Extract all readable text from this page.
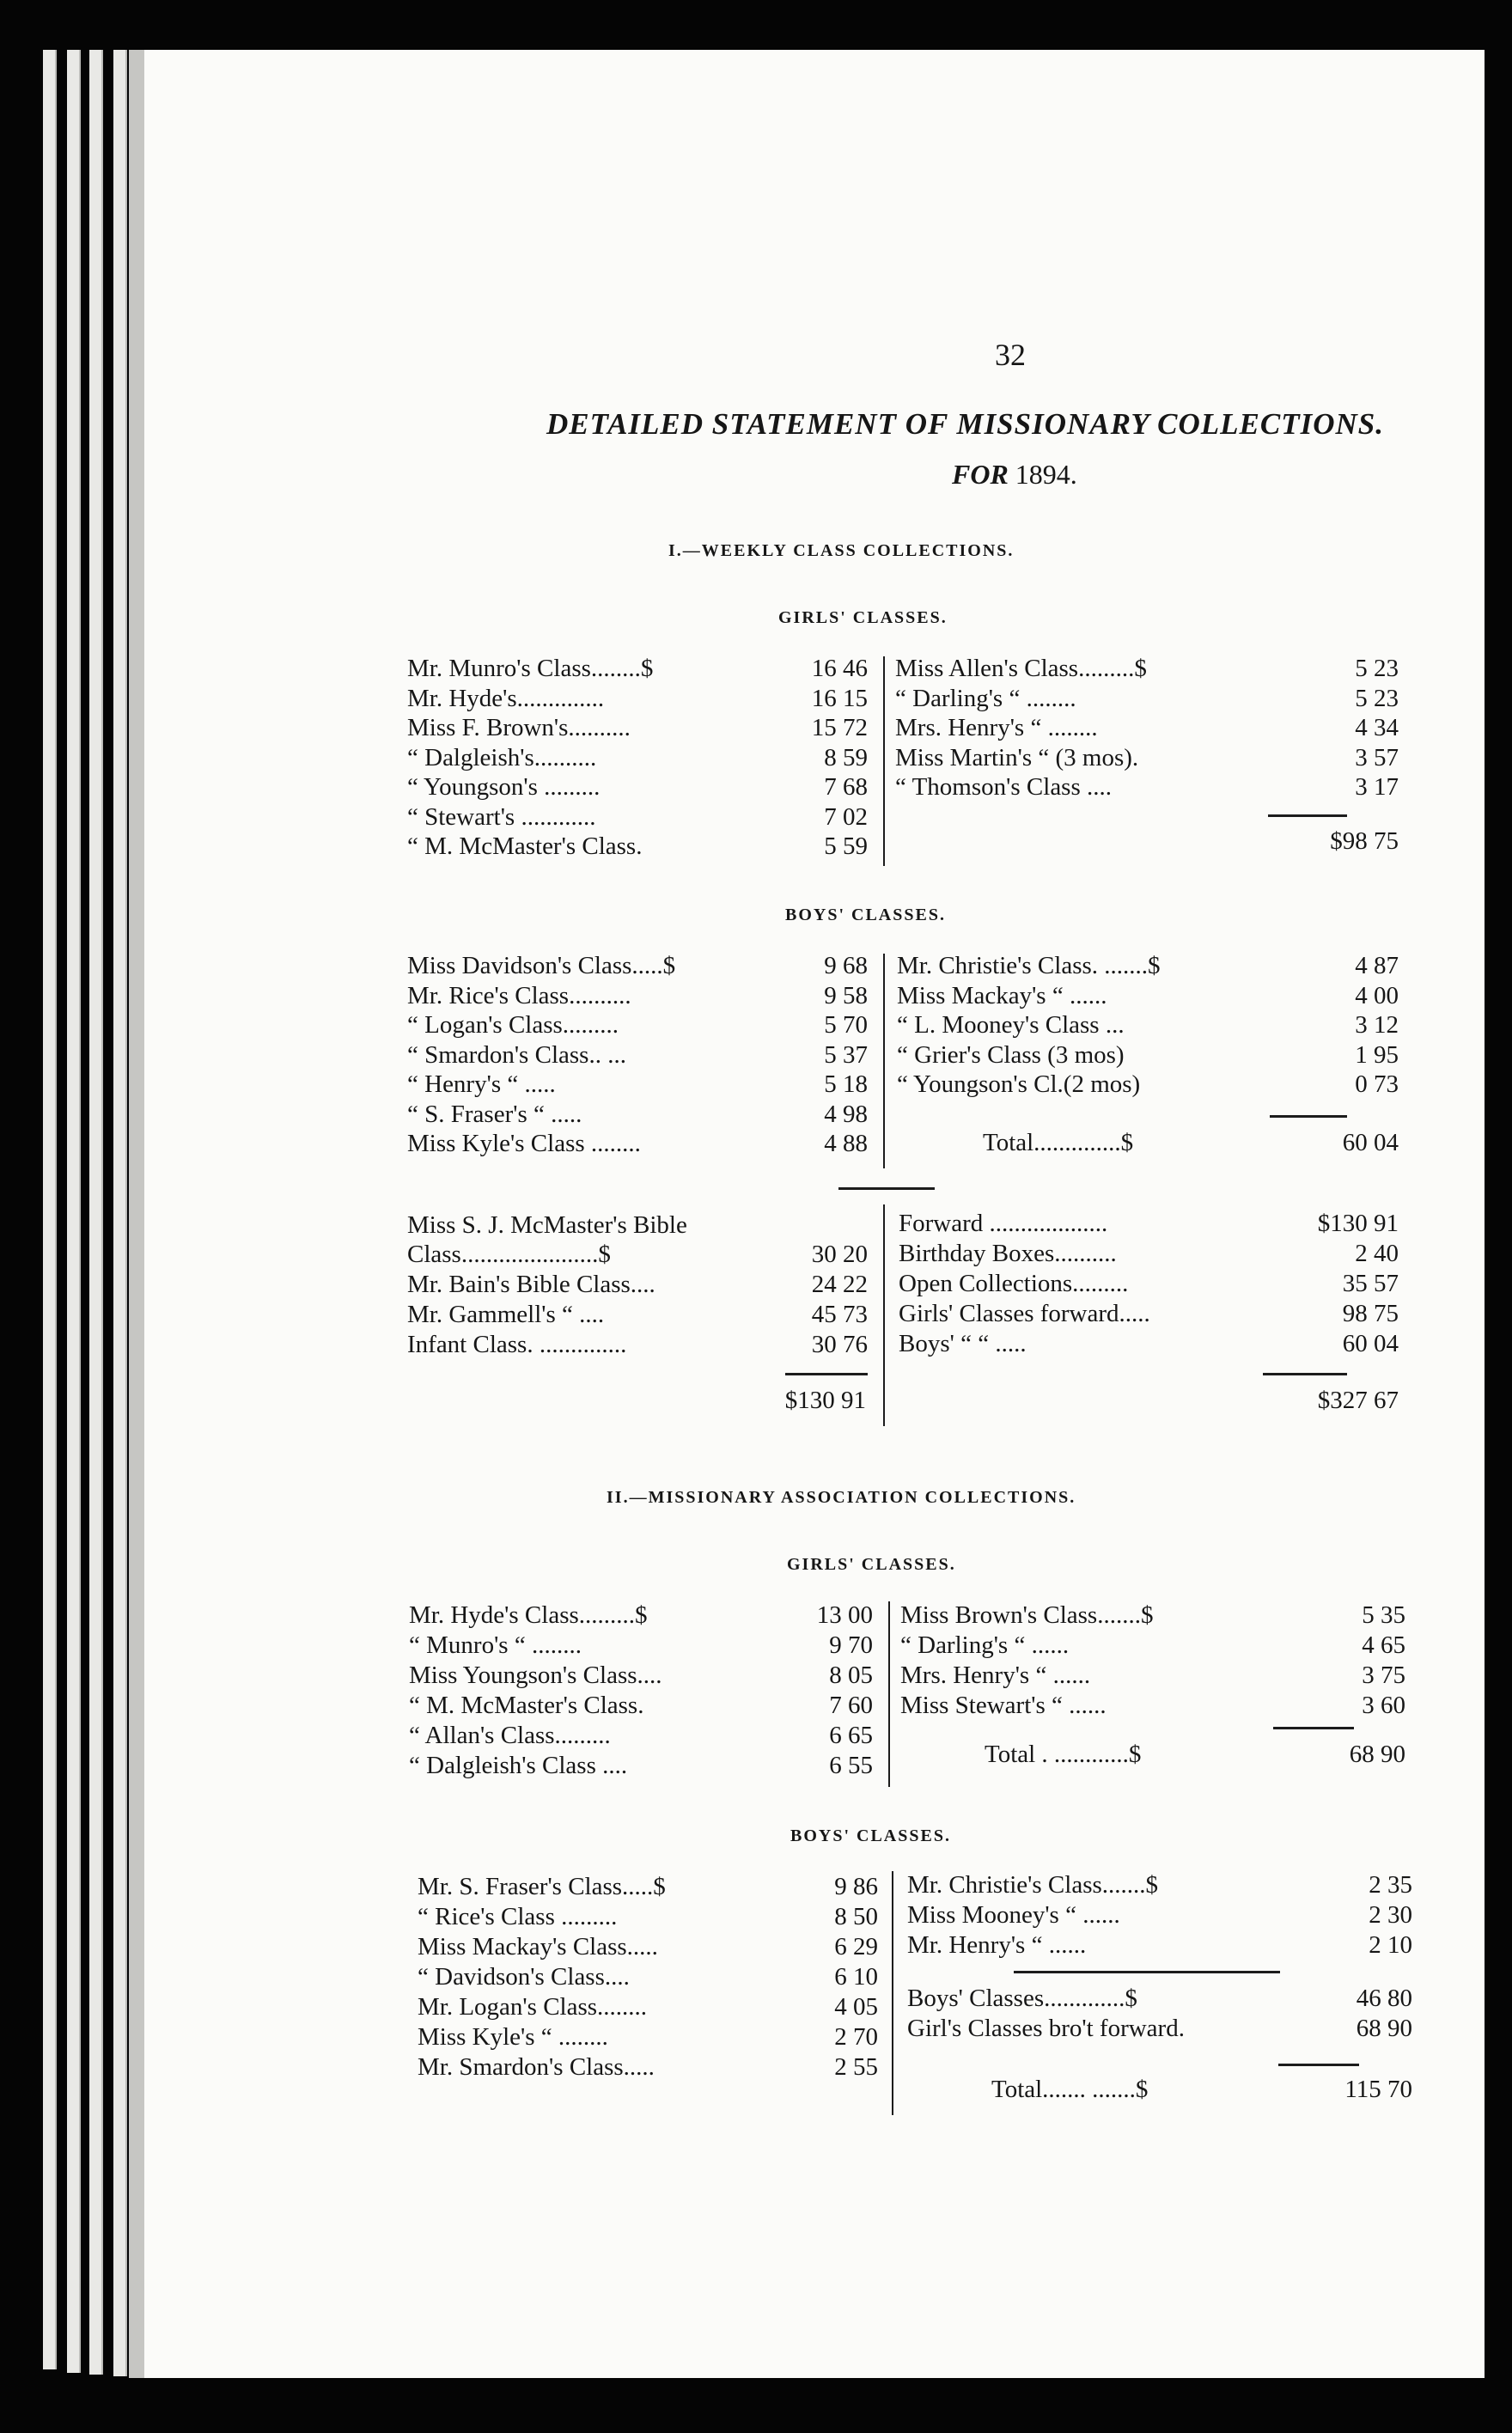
32
DETAILED STATEMENT OF MISSIONARY COLLECTIONS.
FOR 1894.
I.—WEEKLY CLASS COLLECTIONS.
GIRLS' CLASSES.
Mr. Munro's Class........$	16 46
Mr. Hyde's..............	16 15
Miss F. Brown's..........	15 72
“ Dalgleish's..........	8 59
“ Youngson's .........	7 68
“ Stewart's ............	7 02
“ M. McMaster's Class.	5 59
Miss Allen's Class.........$	5 23
“ Darling's “ ........	5 23
Mrs. Henry's “ ........	4 34
Miss Martin's “ (3 mos).	3 57
“ Thomson's Class ....	3 17
$98 75
BOYS' CLASSES.
Miss Davidson's Class.....$	9 68
Mr. Rice's Class..........	9 58
“ Logan's Class.........	5 70
“ Smardon's Class.. ...	5 37
“ Henry's “ .....	5 18
“ S. Fraser's “ .....	4 98
Miss Kyle's Class ........	4 88
Mr. Christie's Class. .......$	4 87
Miss Mackay's “ ......	4 00
“ L. Mooney's Class ...	3 12
“ Grier's Class (3 mos)	1 95
“ Youngson's Cl.(2 mos)	0 73
Total..............$	60 04
Miss S. J. McMaster's Bible
Class......................$	30 20
Mr. Bain's Bible Class....	24 22
Mr. Gammell's “ ....	45 73
Infant Class. ..............	30 76
Forward ...................	$130 91
Birthday Boxes..........	2 40
Open Collections.........	35 57
Girls' Classes forward.....	98 75
Boys' “ “ .....	60 04
$130 91	$327 67
II.—MISSIONARY ASSOCIATION COLLECTIONS.
GIRLS' CLASSES.
Mr. Hyde's Class.........$	13 00
“ Munro's “ ........	9 70
Miss Youngson's Class....	8 05
“ M. McMaster's Class.	7 60
“ Allan's Class.........	6 65
“ Dalgleish's Class ....	6 55
Miss Brown's Class.......$	5 35
“ Darling's “ ......	4 65
Mrs. Henry's “ ......	3 75
Miss Stewart's “ ......	3 60
Total . ............$	68 90
BOYS' CLASSES.
Mr. S. Fraser's Class.....$	9 86
“ Rice's Class .........	8 50
Miss Mackay's Class.....	6 29
“ Davidson's Class....	6 10
Mr. Logan's Class........	4 05
Miss Kyle's “ ........	2 70
Mr. Smardon's Class.....	2 55
Mr. Christie's Class.......$	2 35
Miss Mooney's “ ......	2 30
Mr. Henry's “ ......	2 10
Boys' Classes.............$	46 80
Girl's Classes bro't forward.	68 90
Total....... .......$	115 70
